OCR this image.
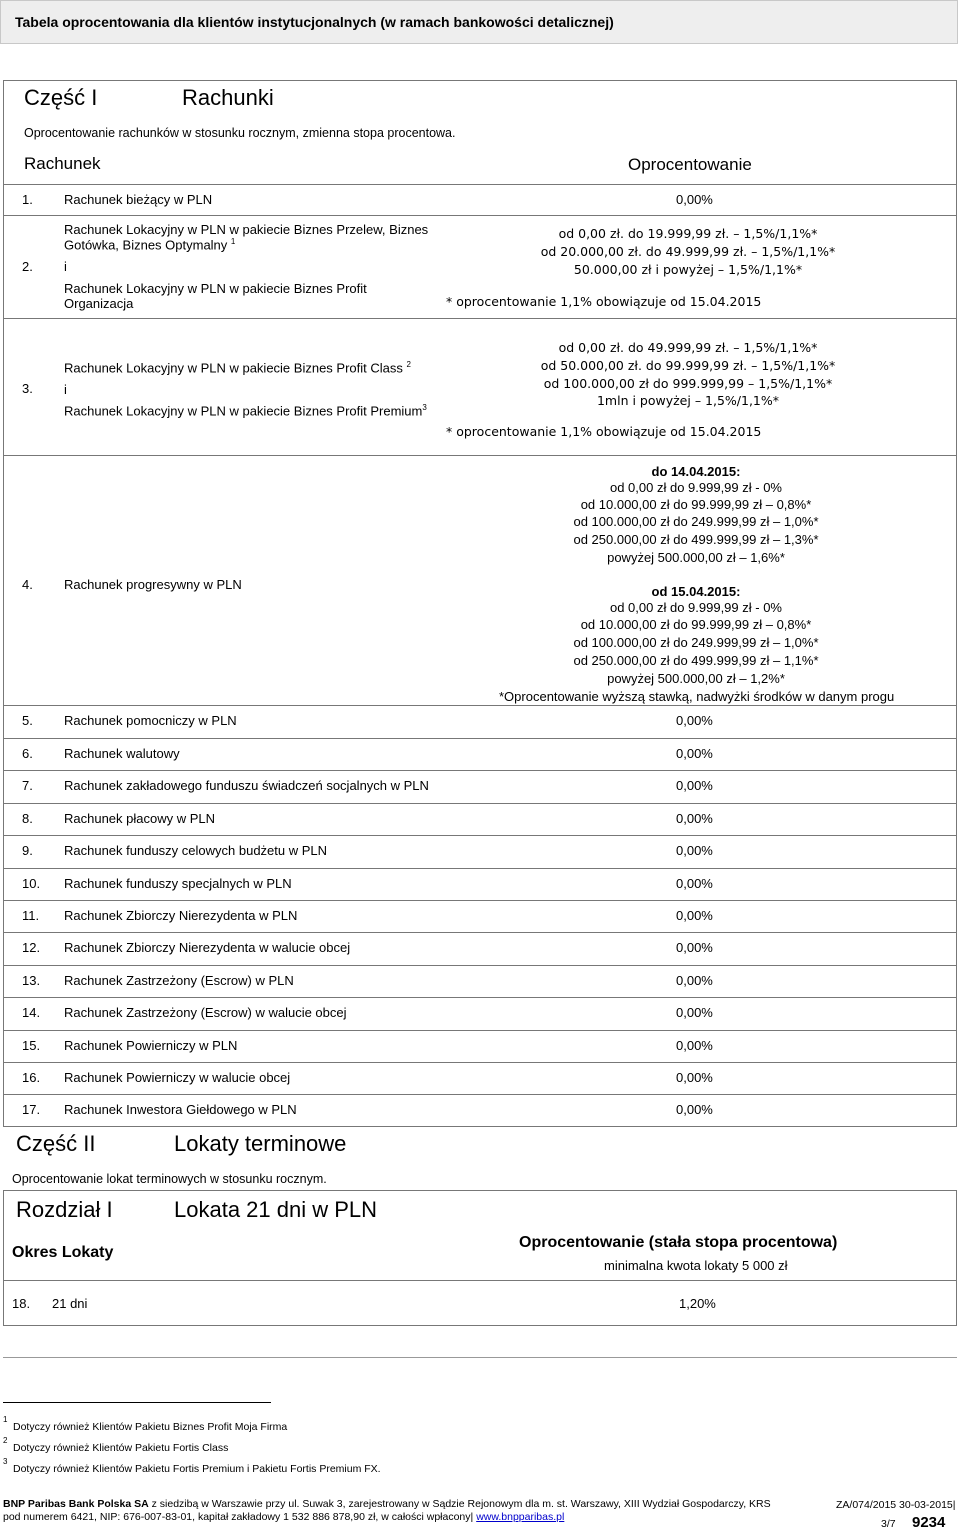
Tabela oprocentowania dla klientów instytucjonalnych (w ramach bankowości detalicznej)
Część I	Rachunki
Oprocentowanie rachunków w stosunku rocznym, zmienna stopa procentowa.
Rachunek	Oprocentowanie
1. Rachunek bieżący w PLN	0,00%
2.
Rachunek Lokacyjny w PLN w pakiecie Biznes Przelew, Biznes
Gotówka, Biznes Optymalny $^1$
i
Rachunek Lokacyjny w PLN w pakiecie Biznes Profit
Organizacja
od 0,00 zł. do 19.999,99 zł. – 1,5%/1,1%*
od 20.000,00 zł. do 49.999,99 zł. – 1,5%/1,1%*
50.000,00 zł i powyżej – 1,5%/1,1%*
* oprocentowanie 1,1% obowiązuje od 15.04.2015
3.
Rachunek Lokacyjny w PLN w pakiecie Biznes Profit Class $^2$
i
Rachunek Lokacyjny w PLN w pakiecie Biznes Profit Premium$^3$
od 0,00 zł. do 49.999,99 zł. – 1,5%/1,1%*
od 50.000,00 zł. do 99.999,99 zł. – 1,5%/1,1%*
od 100.000,00 zł do 999.999,99 – 1,5%/1,1%*
1mln i powyżej – 1,5%/1,1%*
* oprocentowanie 1,1% obowiązuje od 15.04.2015
4. Rachunek progresywny w PLN
do 14.04.2015:
od 0,00 zł do 9.999,99 zł - 0%
od 10.000,00 zł do 99.999,99 zł – 0,8%*
od 100.000,00 zł do 249.999,99 zł – 1,0%*
od 250.000,00 zł do 499.999,99 zł – 1,3%*
powyżej 500.000,00 zł – 1,6%*
od 15.04.2015:
od 0,00 zł do 9.999,99 zł - 0%
od 10.000,00 zł do 99.999,99 zł – 0,8%*
od 100.000,00 zł do 249.999,99 zł – 1,0%*
od 250.000,00 zł do 499.999,99 zł – 1,1%*
powyżej 500.000,00 zł – 1,2%*
*Oprocentowanie wyższą stawką, nadwyżki środków w danym progu
5. Rachunek pomocniczy w PLN	0,00%
6. Rachunek walutowy	0,00%
7. Rachunek zakładowego funduszu świadczeń socjalnych w PLN	0,00%
8. Rachunek płacowy w PLN	0,00%
9. Rachunek funduszy celowych budżetu w PLN	0,00%
10. Rachunek funduszy specjalnych w PLN	0,00%
11. Rachunek Zbiorczy Nierezydenta w PLN	0,00%
12. Rachunek Zbiorczy Nierezydenta w walucie obcej	0,00%
13. Rachunek Zastrzeżony (Escrow) w PLN	0,00%
14. Rachunek Zastrzeżony (Escrow) w walucie obcej	0,00%
15. Rachunek Powierniczy w PLN	0,00%
16. Rachunek Powierniczy w walucie obcej	0,00%
17. Rachunek Inwestora Giełdowego w PLN	0,00%
Część II	Lokaty terminowe
Oprocentowanie lokat terminowych w stosunku rocznym.
Rozdział I	Lokata 21 dni w PLN
Okres Lokaty
Oprocentowanie (stała stopa procentowa)
minimalna kwota lokaty 5 000 zł
18. 21 dni	1,20%
$^1$
Dotyczy również Klientów Pakietu Biznes Profit Moja Firma
$^2$
Dotyczy również Klientów Pakietu Fortis Class
$^3$
Dotyczy również Klientów Pakietu Fortis Premium i Pakietu Fortis Premium FX.
BNP Paribas Bank Polska SA z siedzibą w Warszawie przy ul. Suwak 3, zarejestrowany w Sądzie Rejonowym dla m. st. Warszawy, XIII Wydział Gospodarczy, KRS
pod numerem 6421, NIP: 676-007-83-01, kapitał zakładowy 1 532 886 878,90 zł, w całości wpłacony| www.bnpparibas.pl
ZA/074/2015 30-03-2015|
3/7 9234
